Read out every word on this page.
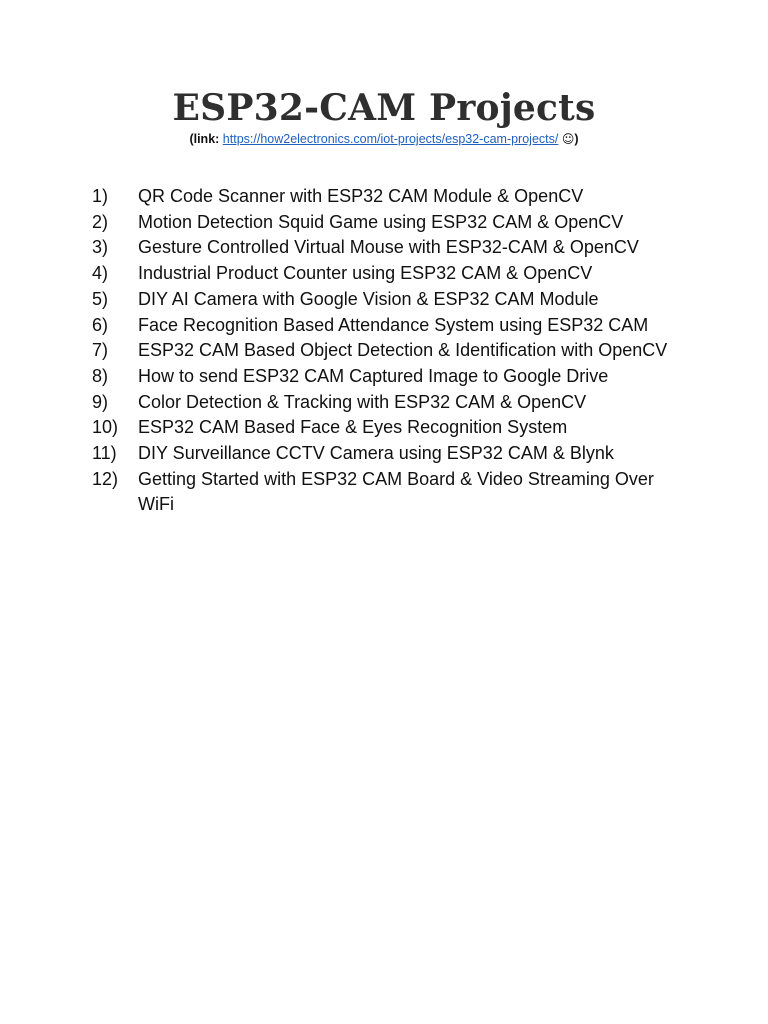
ESP32-CAM Projects
(link: https://how2electronics.com/iot-projects/esp32-cam-projects/ ☺)
1)	QR Code Scanner with ESP32 CAM Module & OpenCV
2)	Motion Detection Squid Game using ESP32 CAM & OpenCV
3)	Gesture Controlled Virtual Mouse with ESP32-CAM & OpenCV
4)	Industrial Product Counter using ESP32 CAM & OpenCV
5)	DIY AI Camera with Google Vision & ESP32 CAM Module
6)	Face Recognition Based Attendance System using ESP32 CAM
7)	ESP32 CAM Based Object Detection & Identification with OpenCV
8)	How to send ESP32 CAM Captured Image to Google Drive
9)	Color Detection & Tracking with ESP32 CAM & OpenCV
10)	ESP32 CAM Based Face & Eyes Recognition System
11)	DIY Surveillance CCTV Camera using ESP32 CAM & Blynk
12)	Getting Started with ESP32 CAM Board & Video Streaming Over WiFi
